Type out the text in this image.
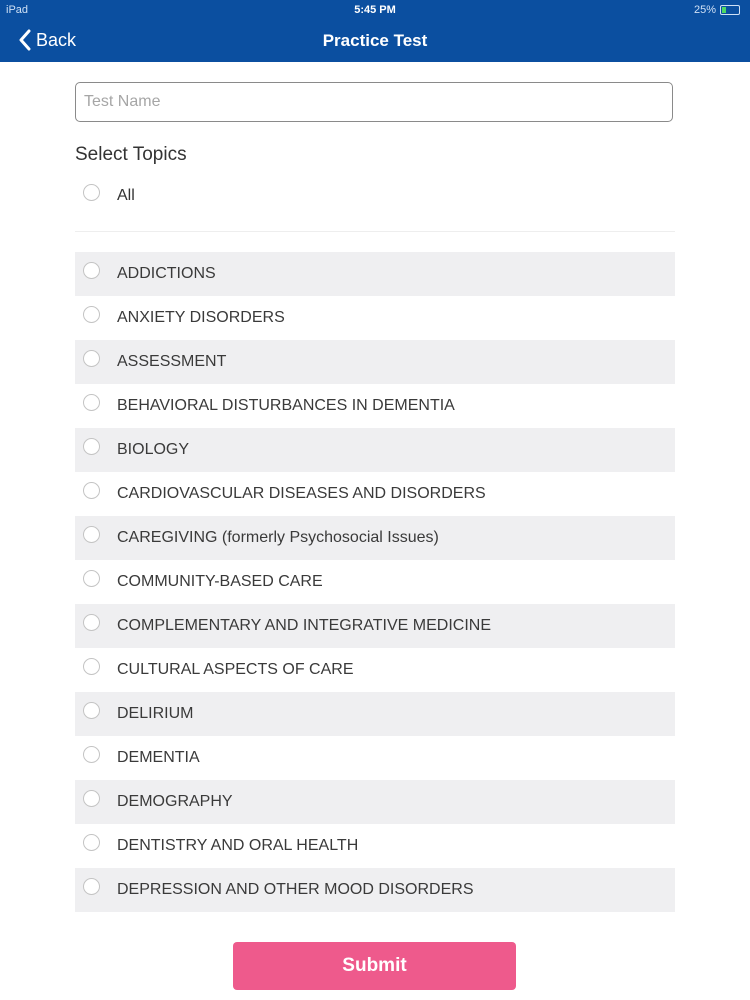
iPad	5:45 PM	25%
Back	Practice Test
Test Name
Select Topics
All
ADDICTIONS
ANXIETY DISORDERS
ASSESSMENT
BEHAVIORAL DISTURBANCES IN DEMENTIA
BIOLOGY
CARDIOVASCULAR DISEASES AND DISORDERS
CAREGIVING (formerly Psychosocial Issues)
COMMUNITY-BASED CARE
COMPLEMENTARY AND INTEGRATIVE MEDICINE
CULTURAL ASPECTS OF CARE
DELIRIUM
DEMENTIA
DEMOGRAPHY
DENTISTRY AND ORAL HEALTH
DEPRESSION AND OTHER MOOD DISORDERS
Submit
